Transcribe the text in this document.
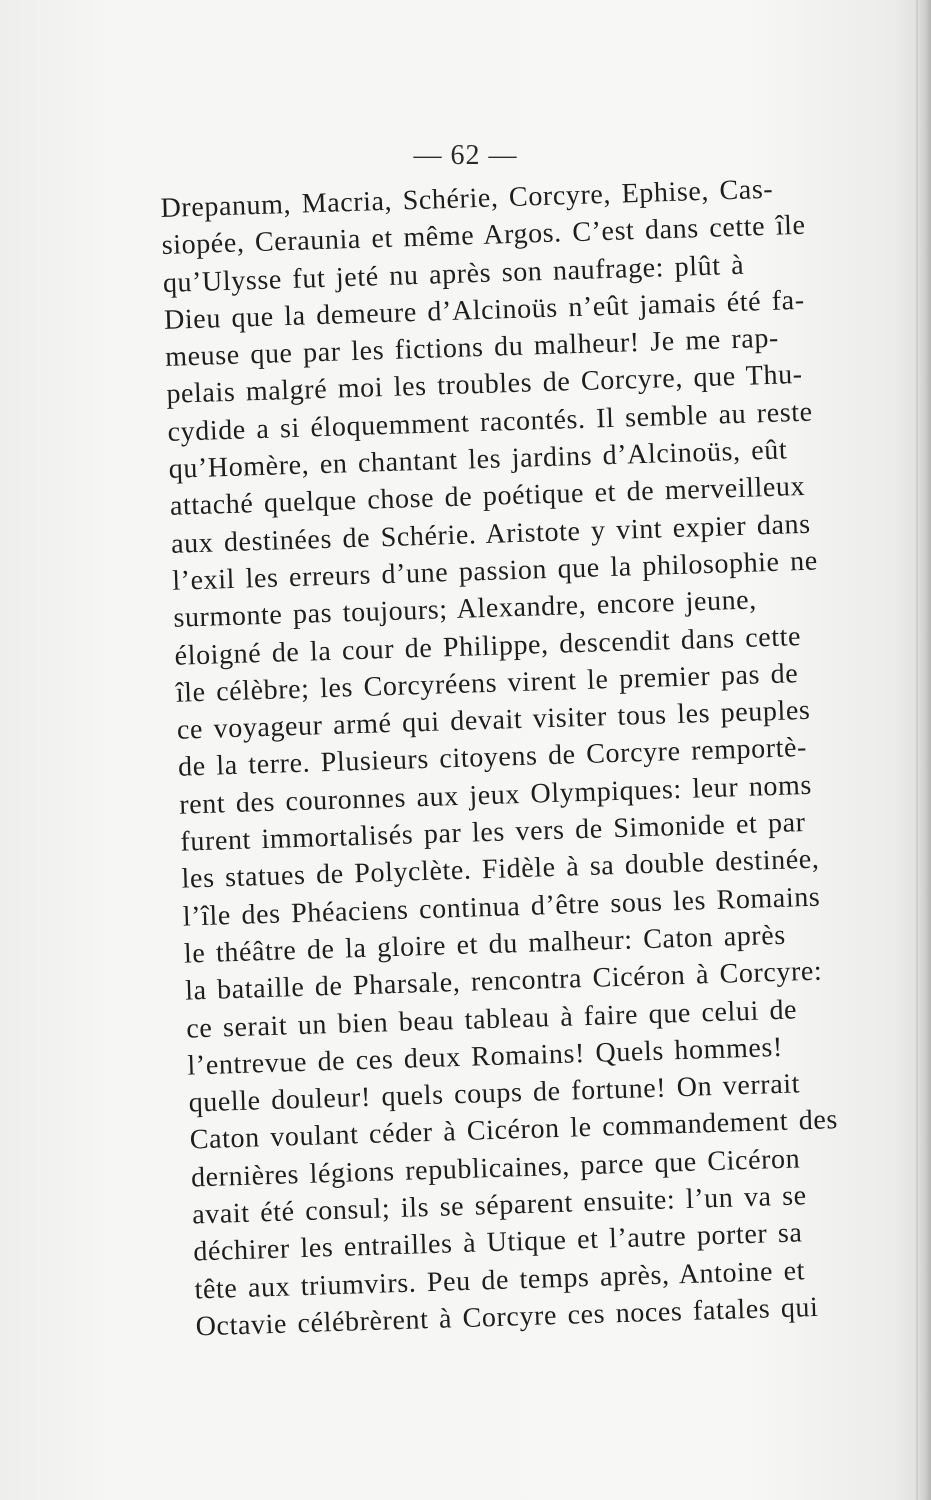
— 62 —
Drepanum, Macria, Schérie, Corcyre, Ephise, Cas-
siopée, Ceraunia et même Argos. C’est dans cette île
qu’Ulysse fut jeté nu après son naufrage: plût à
Dieu que la demeure d’Alcinoüs n’eût jamais été fa-
meuse que par les fictions du malheur! Je me rap-
pelais malgré moi les troubles de Corcyre, que Thu-
cydide a si éloquemment racontés. Il semble au reste
qu’Homère, en chantant les jardins d’Alcinoüs, eût
attaché quelque chose de poétique et de merveilleux
aux destinées de Schérie. Aristote y vint expier dans
l’exil les erreurs d’une passion que la philosophie ne
surmonte pas toujours; Alexandre, encore jeune,
éloigné de la cour de Philippe, descendit dans cette
île célèbre; les Corcyréens virent le premier pas de
ce voyageur armé qui devait visiter tous les peuples
de la terre. Plusieurs citoyens de Corcyre remportè-
rent des couronnes aux jeux Olympiques: leur noms
furent immortalisés par les vers de Simonide et par
les statues de Polyclète. Fidèle à sa double destinée,
l’île des Phéaciens continua d’être sous les Romains
le théâtre de la gloire et du malheur: Caton après
la bataille de Pharsale, rencontra Cicéron à Corcyre:
ce serait un bien beau tableau à faire que celui de
l’entrevue de ces deux Romains! Quels hommes!
quelle douleur! quels coups de fortune! On verrait
Caton voulant céder à Cicéron le commandement des
dernières légions republicaines, parce que Cicéron
avait été consul; ils se séparent ensuite: l’un va se
déchirer les entrailles à Utique et l’autre porter sa
tête aux triumvirs. Peu de temps après, Antoine et
Octavie célébrèrent à Corcyre ces noces fatales qui
